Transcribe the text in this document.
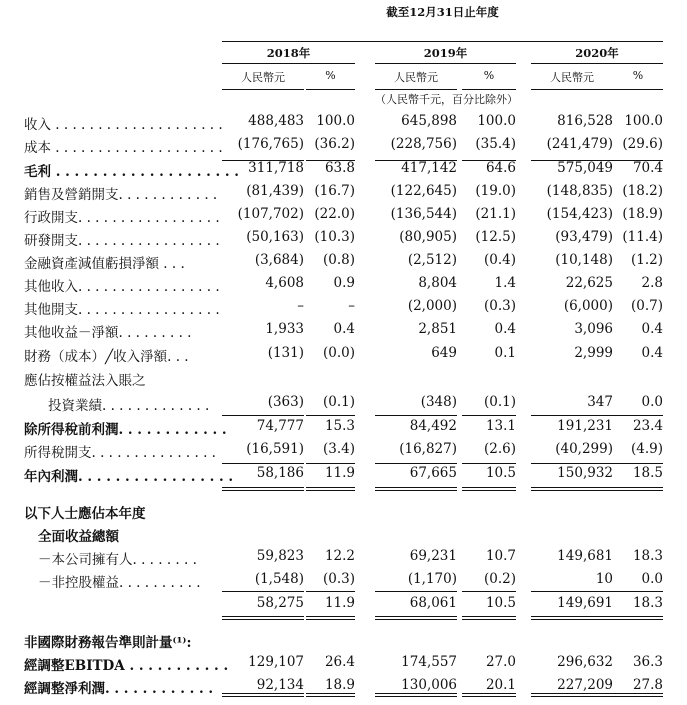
截至12月31日止年度
2018年	2019年	2020年
人民幣元	%	人民幣元	%	人民幣元	%
（人民幣千元，百分比除外）
收入 . . . . . . . . . . . . . . . . . . . . 488,483 100.0	645,898 100.0	816,528 100.0
成本 . . . . . . . . . . . . . . . . . . . . (176,765) (36.2)	(228,756) (35.4) (241,479) (29.6)
毛利 . . . . . . . . . . . . . . . . . . . . 311,718 63.8	417,142 64.6	575,049 70.4
銷售及營銷開支. . . . . . . . . . . . (81,439) (16.7)	(122,645) (19.0) (148,835) (18.2)
行政開支. . . . . . . . . . . . . . . . . (107,702) (22.0)	(136,544) (21.1) (154,423) (18.9)
研發開支. . . . . . . . . . . . . . . . . (50,163) (10.3)	(80,905) (12.5)	(93,479) (11.4)
金融資產減值虧損淨額 . . .	(3,684) (0.8)	(2,512) (0.4)	(10,148) (1.2)
其他收入. . . . . . . . . . . . . . . . .	4,608 0.9	8,804	1.4	22,625 2.8
其他開支. . . . . . . . . . . . . . . . .	–	–	(2,000) (0.3)	(6,000) (0.7)
其他收益－淨額. . . . . . . . .	1,933 0.4	2,851	0.4	3,096 0.4
財務（成本）╱收入淨額. . .	(131) (0.0)	649	0.1	2,999 0.4
應佔按權益法入賬之
投資業績. . . . . . . . . . . . .	(363) (0.1)	(348) (0.1)	347 0.0
除所得稅前利潤. . . . . . . . . . . . 74,777 15.3	84,492 13.1	191,231 23.4
所得稅開支. . . . . . . . . . . . . . . (16,591) (3.4)	(16,827) (2.6)	(40,299) (4.9)
年內利潤. . . . . . . . . . . . . . . . . 58,186 11.9	67,665 10.5	150,932 18.5
以下人士應佔本年度
全面收益總額
－本公司擁有人. . . . . . . .	59,823 12.2	69,231 10.7	149,681 18.3
－非控股權益. . . . . . . . . .	(1,548) (0.3)	(1,170) (0.2)	10 0.0
58,275 11.9	68,061 10.5	149,691 18.3
非國際財務報告準則計量⁽¹⁾:
經調整EBITDA . . . . . . . . . . . 129,107 26.4	174,557 27.0	296,632 36.3
經調整淨利潤. . . . . . . . . . . .	92,134 18.9	130,006 20.1	227,209 27.8
